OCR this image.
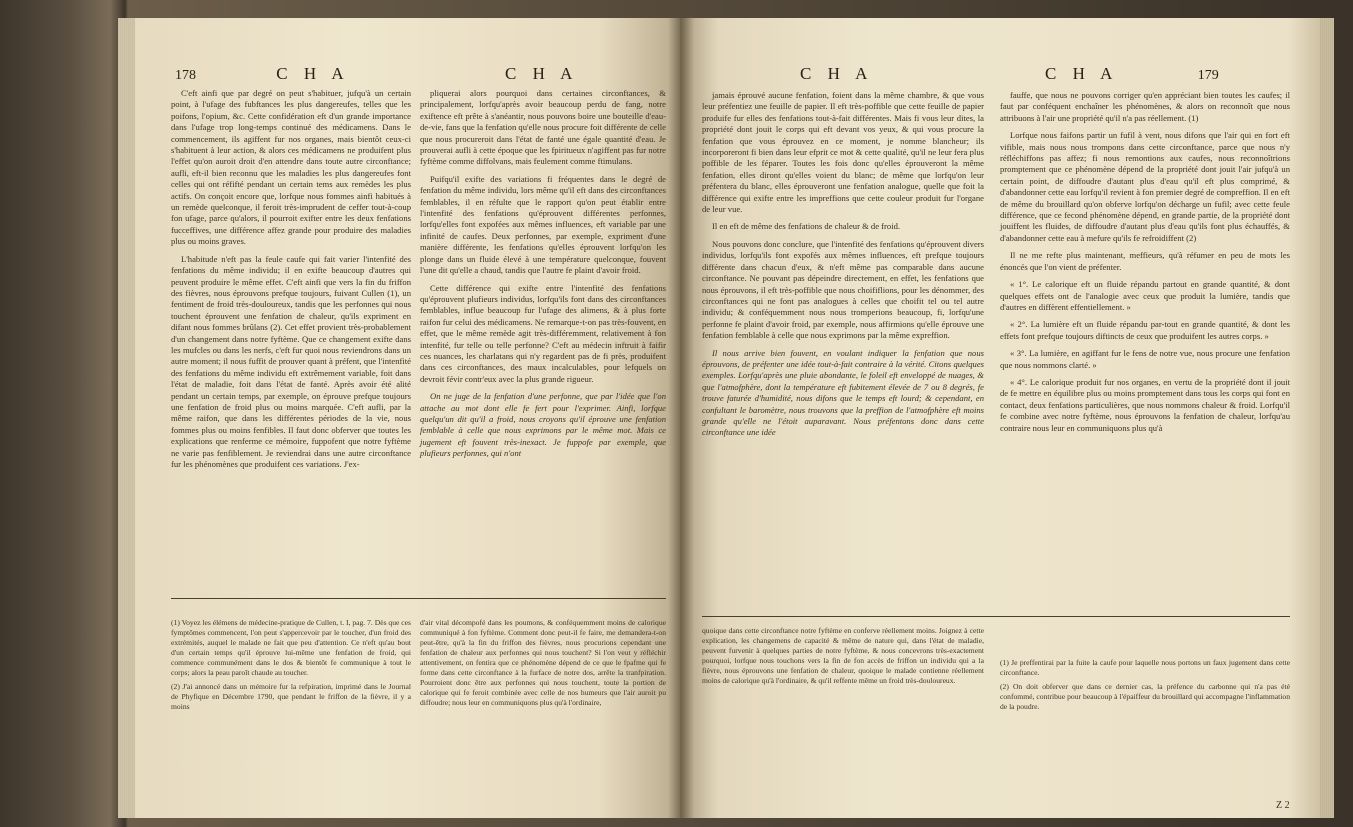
178	C H A	C H A

C'eft ainfi que par degré on peut s'habituer, jufqu'à un certain point, à l'ufage des fubftances les plus dangereufes, telles que les poifons, l'opium, &c. Cette confidération eft d'un grande importance dans l'ufage trop long-temps continué des médicamens. Dans le commencement, ils agiffent fur nos organes, mais bientôt ceux-ci s'habituent à leur action, & alors ces médicamens ne produifent plus l'effet qu'on auroit droit d'en attendre dans toute autre circonftance; aufli, eft-il bien reconnu que les maladies les plus dangereufes font celles qui ont réfifté pendant un certain tems aux remèdes les plus actifs. On conçoit encore que, lorfque nous fommes ainfi habitués à un remède quelconque, il feroit très-imprudent de ceffer tout-à-coup fon ufage, parce qu'alors, il pourroit exifter entre les deux fenfations fucceffives, une différence affez grande pour produire des maladies plus ou moins graves.

L'habitude n'eft pas la feule caufe qui fait varier l'intenfité des fenfations du même individu; il en exifte beaucoup d'autres qui peuvent produire le même effet. C'eft ainfi que vers la fin du friffon des fièvres, nous éprouvons prefque toujours, fuivant Cullen (1), un fentiment de froid très-douloureux, tandis que les perfonnes qui nous touchent éprouvent une fenfation de chaleur, qu'ils expriment en difant nous fommes brûlans (2). Cet effet provient très-probablement d'un changement dans notre fyftème. Que ce changement exifte dans les mufcles ou dans les nerfs, c'eft fur quoi nous reviendrons dans un autre moment; il nous fuffit de prouver quant à préfent, que l'intenfité des fenfations du même individu eft extrêmement variable, foit dans l'état de maladie, foit dans l'état de fanté. Après avoir été alité pendant un certain temps, par exemple, on éprouve prefque toujours une fenfation de froid plus ou moins marquée. C'eft aufli, par la même raifon, que dans les différentes périodes de la vie, nous fommes plus ou moins fenfibles. Il faut donc obferver que toutes les explications que renferme ce mémoire, fuppofent que notre fyftème ne varie pas fenfiblement. Je reviendrai dans une autre circonftance fur les phénomènes que produifent ces variations. J'ex-

pliquerai alors pourquoi dans certaines circonftances, & principalement, lorfqu'après avoir beaucoup perdu de fang, notre exiftence eft prête à s'anéantir, nous pouvons boire une bouteille d'eau-de-vie, fans que la fenfation qu'elle nous procure foit différente de celle que nous procureroit dans l'état de fanté une égale quantité d'eau. Je prouverai aufli à cette époque que les fpiritueux n'agiffent pas fur notre fyftème comme diffolvans, mais feulement comme ftimulans.

Puifqu'il exifte des variations fi fréquentes dans le degré de fenfation du même individu, lors même qu'il eft dans des circonftances femblables, il en réfulte que le rapport qu'on peut établir entre l'intenfité des fenfations qu'éprouvent différentes perfonnes, lorfqu'elles font expofées aux mêmes influences, eft variable par une infinité de caufes. Deux perfonnes, par exemple, expriment d'une manière différente, les fenfations qu'elles éprouvent lorfqu'on les plonge dans un fluide élevé à une température quelconque, fouvent l'une dit qu'elle a chaud, tandis que l'autre fe plaint d'avoir froid.

Cette différence qui exifte entre l'intenfité des fenfations qu'éprouvent plufieurs individus, lorfqu'ils font dans des circonftances femblables, influe beaucoup fur l'ufage des alimens, & à plus forte raifon fur celui des médicamens. Ne remarque-t-on pas très-fouvent, en effet, que le même remède agit très-différemment, relativement à fon intenfité, fur telle ou telle perfonne? C'eft au médecin inftruit à faifir ces nuances, les charlatans qui n'y regardent pas de fi près, produifent dans ces circonftances, des maux incalculables, pour lefquels on devroit févir contr'eux avec la plus grande rigueur.

On ne juge de la fenfation d'une perfonne, que par l'idée que l'on attache au mot dont elle fe fert pour l'exprimer. Ainfi, lorfque quelqu'un dit qu'il a froid, nous croyons qu'il éprouve une fenfation femblable à celle que nous exprimons par le même mot. Mais ce jugement eft fouvent très-inexact. Je fuppofe par exemple, que plufieurs perfonnes, qui n'ont

(1) Voyez les élémens de médecine-pratique de Cullen, t. I, pag. 7. Dès que ces fymptômes commencent, l'on peut s'appercevoir par le toucher, d'un froid des extrémités, auquel le malade ne fait que peu d'attention. Ce n'eft qu'au bout d'un certain temps qu'il éprouve lui-même une fenfation de froid, qui commence communément dans le dos & bientôt fe communique à tout le corps; alors la peau paroît chaude au toucher.

(2) J'ai annoncé dans un mémoire fur la refpiration, imprimé dans le Journal de Phyfique en Décembre 1790, que pendant le friffon de la fièvre, il y a moins

d'air vital décompofé dans les poumons, & conféquemment moins de calorique communiqué à fon fyftème. Comment donc peut-il fe faire, me demandera-t-on peut-être, qu'à la fin du friffon des fièvres, nous procurions cependant une fenfation de chaleur aux perfonnes qui nous touchent? Si l'on veut y réfléchir attentivement, on fentira que ce phénomène dépend de ce que le fpafme qui fe forme dans cette circonftance à la furface de notre dos, arrête la tranfpiration. Pourroient donc être aux perfonnes qui nous touchent, toute la portion de calorique qui fe feroit combinée avec celle de nos humeurs que l'air auroit pu diffoudre; nous leur en communiquons plus qu'à l'ordinaire,

C H A	C H A	179

jamais éprouvé aucune fenfation, foient dans la même chambre, & que vous leur préfentiez une feuille de papier. Il eft très-poffible que cette feuille de papier produife fur elles des fenfations tout-à-fait différentes. Mais fi vous leur dites, la propriété dont jouit le corps qui eft devant vos yeux, & qui vous procure la fenfation que vous éprouvez en ce moment, je nomme blancheur; ils incorporeront fi bien dans leur efprit ce mot & cette qualité, qu'il ne leur fera plus poffible de les féparer. Toutes les fois donc qu'elles éprouveront la même fenfation, elles diront qu'elles voient du blanc; de même que lorfqu'on leur préfentera du blanc, elles éprouveront une fenfation analogue, quelle que foit la différence qui exifte entre les impreffions que cette couleur produit fur l'organe de leur vue.

Il en eft de même des fenfations de chaleur & de froid.

Nous pouvons donc conclure, que l'intenfité des fenfations qu'éprouvent divers individus, lorfqu'ils font expofés aux mêmes influences, eft prefque toujours différente dans chacun d'eux, & n'eft même pas comparable dans aucune circonftance. Ne pouvant pas dépeindre directement, en effet, les fenfations que nous éprouvons, il eft très-poffible que nous choififlions, pour les dénommer, des circonftances qui ne font pas analogues à celles que choifit tel ou tel autre individu; & conféquemment nous nous tromperions beaucoup, fi, lorfqu'une perfonne fe plaint d'avoir froid, par exemple, nous affirmions qu'elle éprouve une fenfation femblable à celle que nous exprimons par la même expreffion.

Il nous arrive bien fouvent, en voulant indiquer la fenfation que nous éprouvons, de préfenter une idée tout-à-fait contraire à la vérité. Citons quelques exemples. Lorfqu'après une pluie abondante, le foleil eft enveloppé de nuages, & que l'atmofphère, dont la température eft fubitement élevée de 7 ou 8 degrés, fe trouve faturée d'humidité, nous difons que le temps eft lourd; & cependant, en confultant le baromètre, nous trouvons que la preffion de l'atmofphère eft moins grande qu'elle ne l'étoit auparavant. Nous préfentons donc dans cette circonftance une idée

fauffe, que nous ne pouvons corriger qu'en appréciant bien toutes les caufes; il faut par conféquent enchaîner les phénomènes, & alors on reconnoît que nous attribuons à l'air une propriété qu'il n'a pas réellement. (1)

Lorfque nous faifons partir un fufil à vent, nous difons que l'air qui en fort eft vifible, mais nous nous trompons dans cette circonftance, parce que nous n'y réfléchiffons pas affez; fi nous remontions aux caufes, nous reconnoîtrions promptement que ce phénomène dépend de la propriété dont jouit l'air jufqu'à un certain point, de diffoudre d'autant plus d'eau qu'il eft plus comprimé, & d'abandonner cette eau lorfqu'il revient à fon premier degré de compreffion. Il en eft de même du brouillard qu'on obferve lorfqu'on décharge un fufil; avec cette feule différence, que ce fecond phénomène dépend, en grande partie, de la propriété dont jouiffent les fluides, de diffoudre d'autant plus d'eau qu'ils font plus échauffés, & d'abandonner cette eau à mefure qu'ils fe refroidiffent (2)

Il ne me refte plus maintenant, meffieurs, qu'à réfumer en peu de mots les énoncés que l'on vient de préfenter.

« 1°. Le calorique eft un fluide répandu partout en grande quantité, & dont quelques effets ont de l'analogie avec ceux que produit la lumière, tandis que d'autres en diffèrent effentiellement. »

« 2°. La lumière eft un fluide répandu par-tout en grande quantité, & dont les effets font prefque toujours diftincts de ceux que produifent les autres corps. »

« 3°. La lumière, en agiffant fur le fens de notre vue, nous procure une fenfation que nous nommons clarté. »

« 4°. Le calorique produit fur nos organes, en vertu de la propriété dont il jouit de fe mettre en équilibre plus ou moins promptement dans tous les corps qui font en contact, deux fenfations particulières, que nous nommons chaleur & froid. Lorfqu'il fe combine avec notre fyftème, nous éprouvons la fenfation de chaleur, lorfqu'au contraire nous leur en communiquons plus qu'à

quoique dans cette circonftance notre fyftème en conferve réellement moins. Joignez à cette explication, les changemens de capacité & même de nature qui, dans l'état de maladie, peuvent furvenir à quelques parties de notre fyftème, & nous concevrons très-exactement pourquoi, lorfque nous touchons vers la fin de fon accès de friffon un individu qui a la fièvre, nous éprouvons une fenfation de chaleur, quoique le malade contienne réellement moins de calorique qu'à l'ordinaire, & qu'il reffente même un froid très-douloureux.

(1) Je preffentirai par la fuite la caufe pour laquelle nous portons un faux jugement dans cette circonftance.

(2) On doit obferver que dans ce dernier cas, la préfence du carbonne qui n'a pas été confommé, contribue pour beaucoup à l'épaiffeur du brouillard qui accompagne l'inflammation de la poudre.

Z 2
